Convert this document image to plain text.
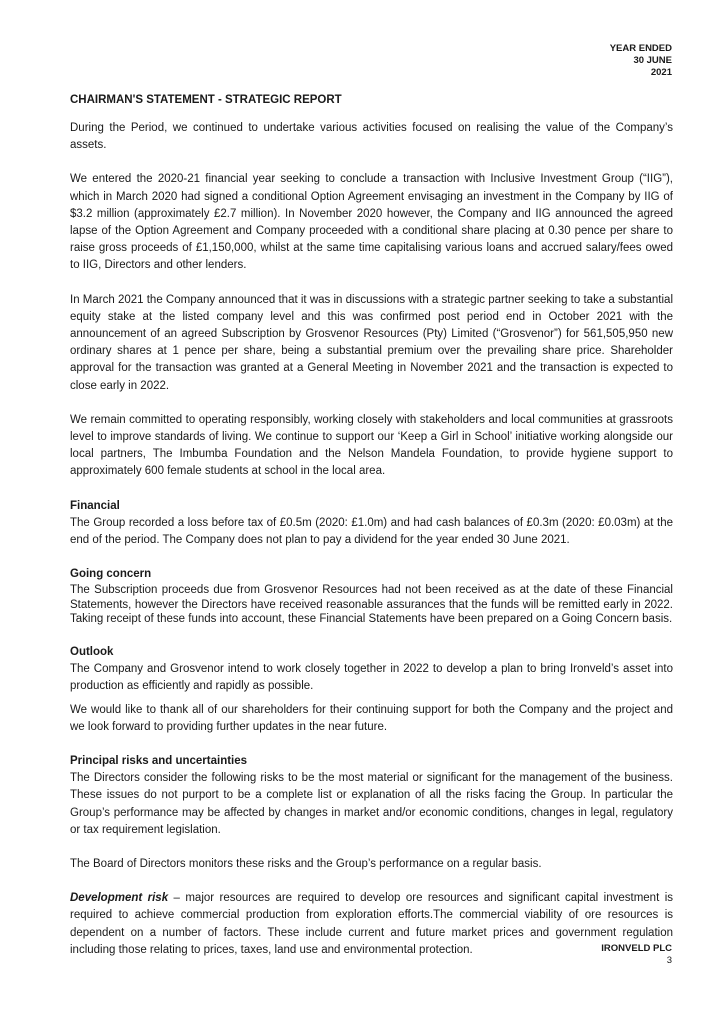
YEAR ENDED
30 JUNE
2021
CHAIRMAN'S STATEMENT - STRATEGIC REPORT

During the Period, we continued to undertake various activities focused on realising the value of the Company’s assets.

We entered the 2020-21 financial year seeking to conclude a transaction with Inclusive Investment Group (“IIG”), which in March 2020 had signed a conditional Option Agreement envisaging an investment in the Company by IIG of $3.2 million (approximately £2.7 million). In November 2020 however, the Company and IIG announced the agreed lapse of the Option Agreement and Company proceeded with a conditional share placing at 0.30 pence per share to raise gross proceeds of £1,150,000, whilst at the same time capitalising various loans and accrued salary/fees owed to IIG, Directors and other lenders.

In March 2021 the Company announced that it was in discussions with a strategic partner seeking to take a substantial equity stake at the listed company level and this was confirmed post period end in October 2021 with the announcement of an agreed Subscription by Grosvenor Resources (Pty) Limited (“Grosvenor”) for 561,505,950 new ordinary shares at 1 pence per share, being a substantial premium over the prevailing share price. Shareholder approval for the transaction was granted at a General Meeting in November 2021 and the transaction is expected to close early in 2022.

We remain committed to operating responsibly, working closely with stakeholders and local communities at grassroots level to improve standards of living. We continue to support our ‘Keep a Girl in School’ initiative working alongside our local partners, The Imbumba Foundation and the Nelson Mandela Foundation, to provide hygiene support to approximately 600 female students at school in the local area.

Financial

The Group recorded a loss before tax of £0.5m (2020: £1.0m) and had cash balances of £0.3m (2020: £0.03m) at the end of the period. The Company does not plan to pay a dividend for the year ended 30 June 2021.

Going concern

The Subscription proceeds due from Grosvenor Resources had not been received as at the date of these Financial Statements, however the Directors have received reasonable assurances that the funds will be remitted early in 2022. Taking receipt of these funds into account, these Financial Statements have been prepared on a Going Concern basis.

Outlook

The Company and Grosvenor intend to work closely together in 2022 to develop a plan to bring Ironveld’s asset into production as efficiently and rapidly as possible.

We would like to thank all of our shareholders for their continuing support for both the Company and the project and we look forward to providing further updates in the near future.

Principal risks and uncertainties

The Directors consider the following risks to be the most material or significant for the management of the business. These issues do not purport to be a complete list or explanation of all the risks facing the Group. In particular the Group’s performance may be affected by changes in market and/or economic conditions, changes in legal, regulatory or tax requirement legislation.

The Board of Directors monitors these risks and the Group’s performance on a regular basis.

Development risk – major resources are required to develop ore resources and significant capital investment is required to achieve commercial production from exploration efforts.The commercial viability of ore resources is dependent on a number of factors. These include current and future market prices and government regulation including those relating to prices, taxes, land use and environmental protection.	IRONVELD PLC
3
